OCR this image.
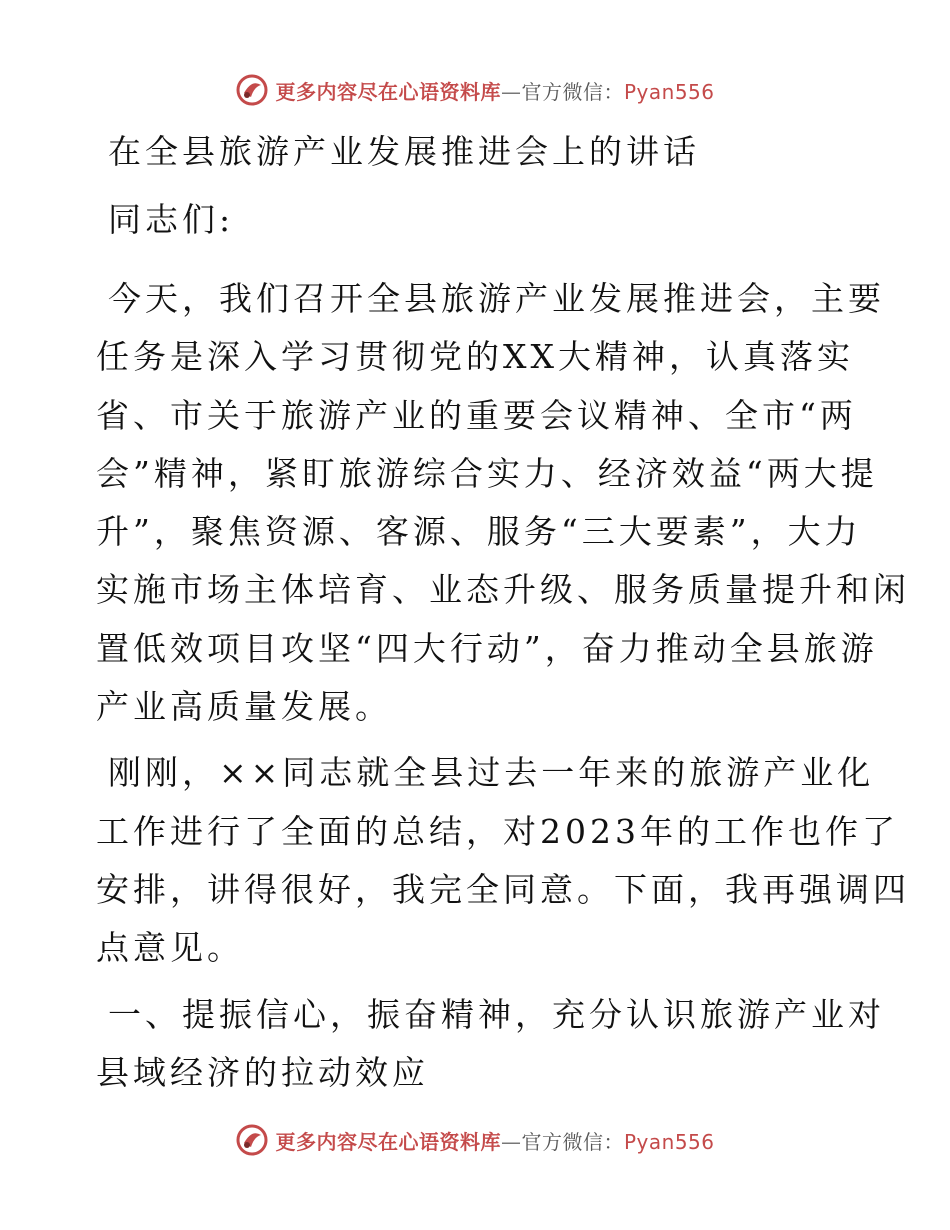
更多内容尽在心语资料库—官方微信：Pyan556
在全县旅游产业发展推进会上的讲话
同志们:
今天，我们召开全县旅游产业发展推进会，主要
任务是深入学习贯彻党的XX大精神，认真落实
省、市关于旅游产业的重要会议精神、全市“两
会”精神，紧盯旅游综合实力、经济效益“两大提
升”，聚焦资源、客源、服务“三大要素”，大力
实施市场主体培育、业态升级、服务质量提升和闲
置低效项目攻坚“四大行动”，奋力推动全县旅游
产业高质量发展。
刚刚，××同志就全县过去一年来的旅游产业化
工作进行了全面的总结，对2023年的工作也作了
安排，讲得很好，我完全同意。下面，我再强调四
点意见。
一、提振信心，振奋精神，充分认识旅游产业对
县域经济的拉动效应
更多内容尽在心语资料库—官方微信：Pyan556
